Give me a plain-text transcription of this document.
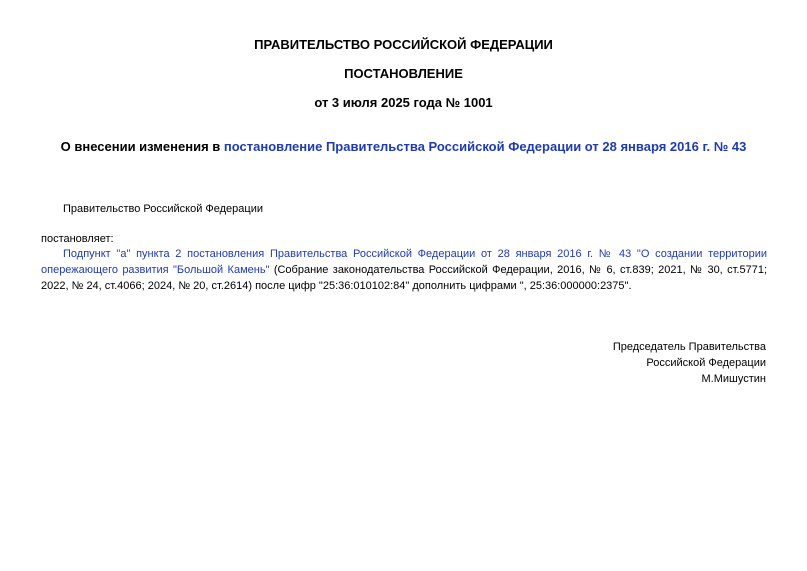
ПРАВИТЕЛЬСТВО РОССИЙСКОЙ ФЕДЕРАЦИИ
ПОСТАНОВЛЕНИЕ
от 3 июля 2025 года № 1001
О внесении изменения в постановление Правительства Российской Федерации от 28 января 2016 г. № 43
Правительство Российской Федерации
постановляет:

Подпункт "а" пункта 2 постановления Правительства Российской Федерации от 28 января 2016 г. № 43 "О создании территории опережающего развития "Большой Камень" (Собрание законодательства Российской Федерации, 2016, № 6, ст.839; 2021, № 30, ст.5771; 2022, № 24, ст.4066; 2024, № 20, ст.2614) после цифр "25:36:010102:84" дополнить цифрами ", 25:36:000000:2375".

Председатель Правительства
Российской Федерации
М.Мишустин
